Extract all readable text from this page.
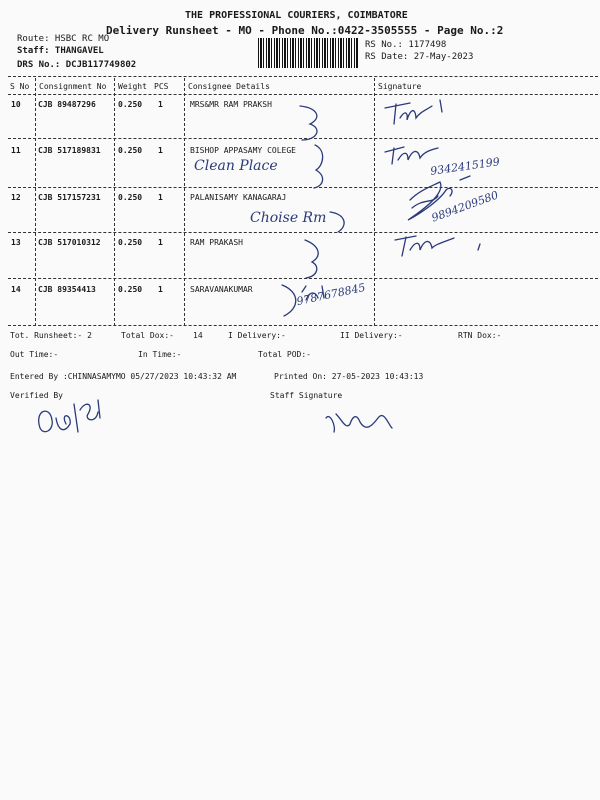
THE PROFESSIONAL COURIERS, COIMBATORE
Delivery Runsheet - MO - Phone No.:0422-3505555 - Page No.:2
Route: HSBC RC MO
Staff: THANGAVEL
DRS No.: DCJB117749802
RS No.: 1177498
RS Date: 27-May-2023
S No Consignment No Weight PCS Consignee Details	Signature
10 CJB 89487296	0.250 1	MRS&MR RAM PRAKSH
11 CJB 517189831 0.250 1	BISHOP APPASAMY COLEGE
Clean Place	9342415199
12 CJB 517157231 0.250 1	PALANISAMY KANAGARAJ
Choise Rm	9894209580
13 CJB 517010312 0.250 1	RAM PRAKASH
14 CJB 89354413	0.250 1	SARAVANAKUMAR	9787678845
Tot. Runsheet:- 2	Total Dox:- 14	I Delivery:-	II Delivery:-	RTN Dox:-
Out Time:-	In Time:-	Total POD:-
Entered By :CHINNASAMYMO 05/27/2023 10:43:32 AM	Printed On: 27-05-2023 10:43:13
Verified By	Staff Signature
